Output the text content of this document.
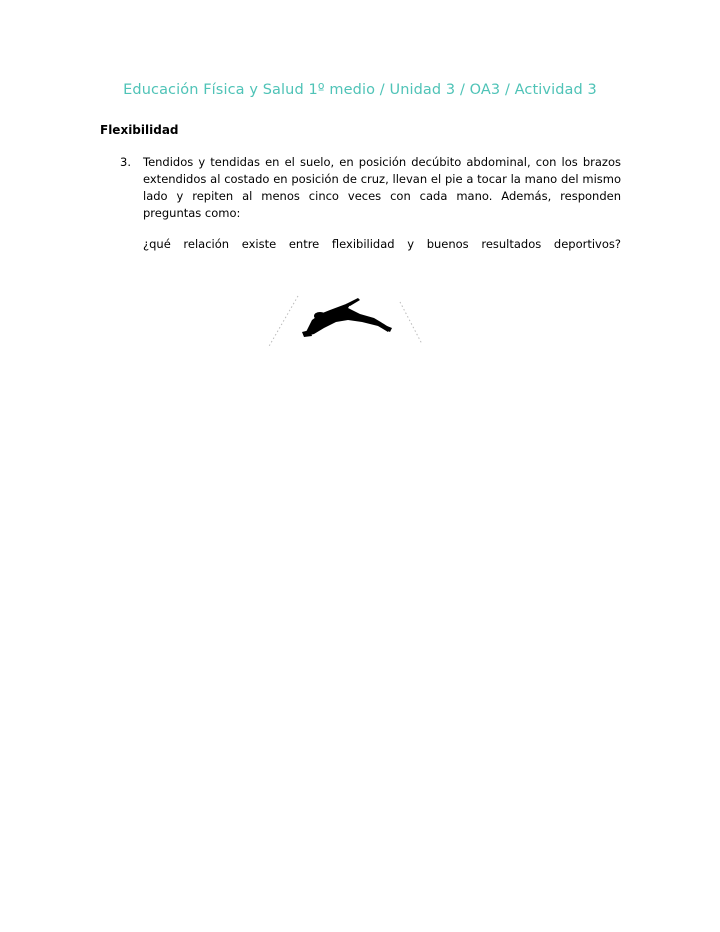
Educación Física y Salud 1º medio / Unidad 3 / OA3 / Actividad 3
Flexibilidad
3. Tendidos y tendidas en el suelo, en posición decúbito abdominal, con los brazos extendidos al costado en posición de cruz, llevan el pie a tocar la mano del mismo lado y repiten al menos cinco veces con cada mano. Además, responden preguntas como:
¿qué relación existe entre flexibilidad y buenos resultados deportivos?
